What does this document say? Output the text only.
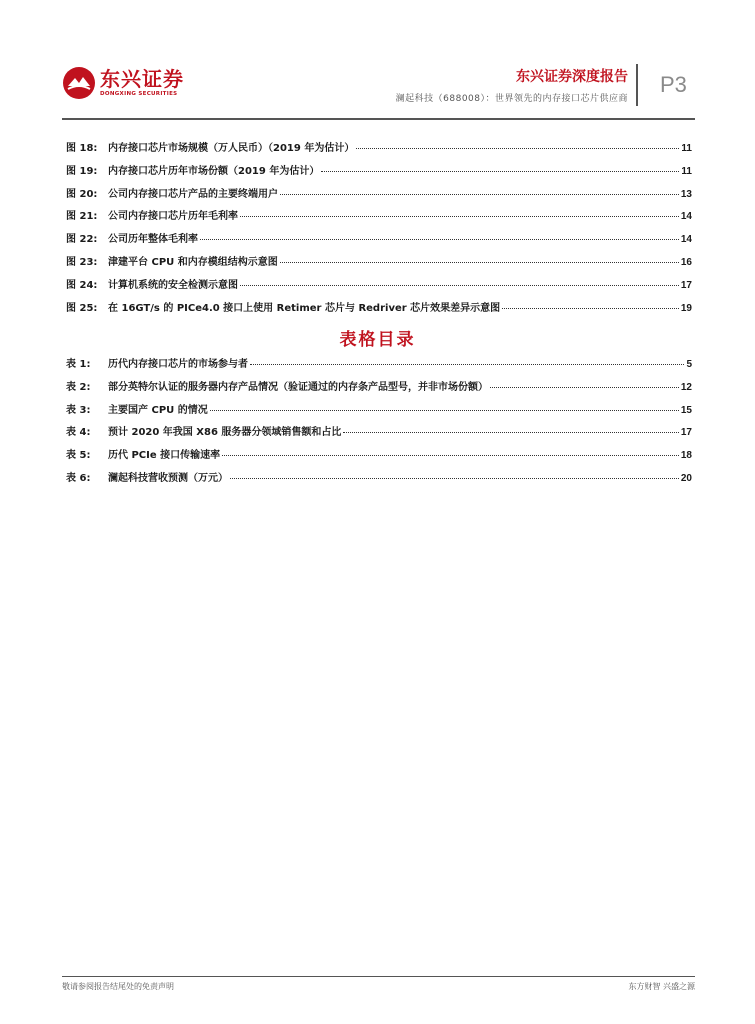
东兴证券
DONGXING SECURITIES
东兴证券深度报告
澜起科技（688008）：世界领先的内存接口芯片供应商
P3
图 18:	内存接口芯片市场规模（万人民币）（2019 年为估计）	11
图 19:	内存接口芯片历年市场份额（2019 年为估计）	11
图 20:	公司内存接口芯片产品的主要终端用户	13
图 21:	公司内存接口芯片历年毛利率	14
图 22:	公司历年整体毛利率	14
图 23:	津建平台 CPU 和内存模组结构示意图	16
图 24:	计算机系统的安全检测示意图	17
图 25:	在 16GT/s 的 PICe4.0 接口上使用 Retimer 芯片与 Redriver 芯片效果差异示意图	19
表格目录
表 1:	历代内存接口芯片的市场参与者	5
表 2:	部分英特尔认证的服务器内存产品情况（验证通过的内存条产品型号，并非市场份额）	12
表 3:	主要国产 CPU 的情况	15
表 4:	预计 2020 年我国 X86 服务器分领域销售额和占比	17
表 5:	历代 PCIe 接口传输速率	18
表 6:	澜起科技营收预测（万元）	20
敬请参阅报告结尾处的免责声明	东方财智 兴盛之源
